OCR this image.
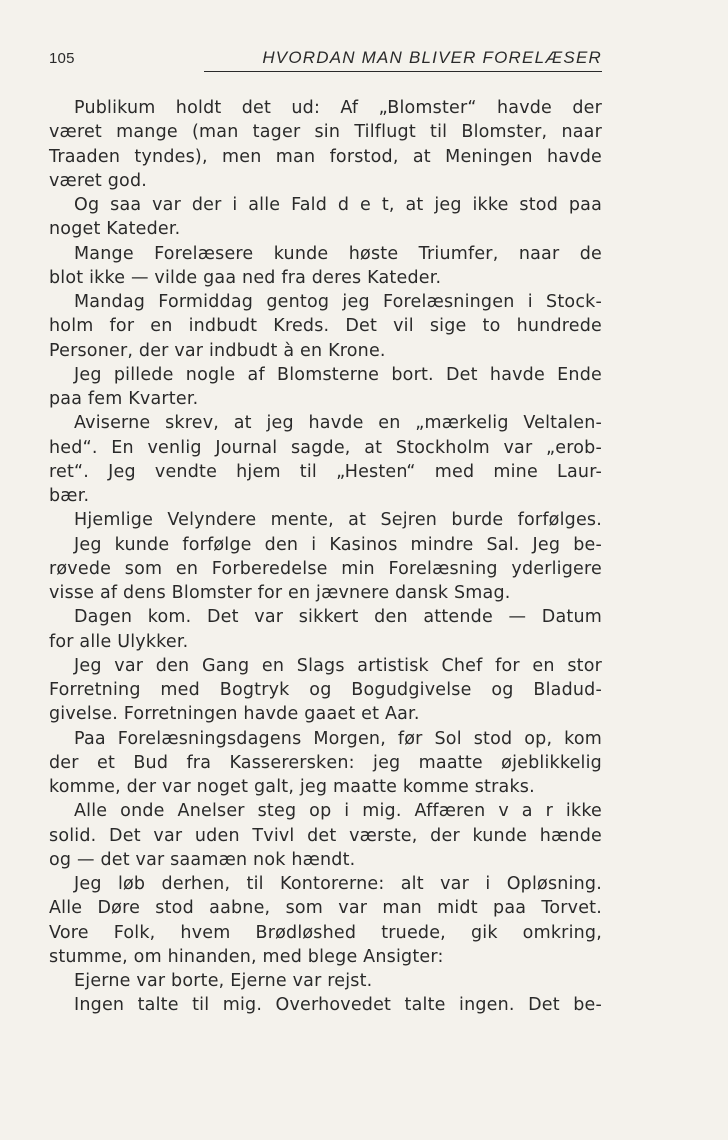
105	HVORDAN MAN BLIVER FORELÆSER
Publikum holdt det ud: Af „Blomster“ havde der
været mange (man tager sin Tilflugt til Blomster, naar
Traaden tyndes), men man forstod, at Meningen havde
været god.
Og saa var der i alle Fald d e t, at jeg ikke stod paa
noget Kateder.
Mange Forelæsere kunde høste Triumfer, naar de
blot ikke — vilde gaa ned fra deres Kateder.
Mandag Formiddag gentog jeg Forelæsningen i Stock-
holm for en indbudt Kreds. Det vil sige to hundrede
Personer, der var indbudt à en Krone.
Jeg pillede nogle af Blomsterne bort. Det havde Ende
paa fem Kvarter.
Aviserne skrev, at jeg havde en „mærkelig Veltalen-
hed“. En venlig Journal sagde, at Stockholm var „erob-
ret“. Jeg vendte hjem til „Hesten“ med mine Laur-
bær.
Hjemlige Velyndere mente, at Sejren burde forfølges.
Jeg kunde forfølge den i Kasinos mindre Sal. Jeg be-
røvede som en Forberedelse min Forelæsning yderligere
visse af dens Blomster for en jævnere dansk Smag.
Dagen kom. Det var sikkert den attende — Datum
for alle Ulykker.
Jeg var den Gang en Slags artistisk Chef for en stor
Forretning med Bogtryk og Bogudgivelse og Bladud-
givelse. Forretningen havde gaaet et Aar.
Paa Forelæsningsdagens Morgen, før Sol stod op, kom
der et Bud fra Kassererskеn: jeg maatte øjeblikkelig
komme, der var noget galt, jeg maatte komme straks.
Alle onde Anelser steg op i mig. Affæren v a r ikke
solid. Det var uden Tvivl det værste, der kunde hænde
og — det var saamæn nok hændt.
Jeg løb derhen, til Kontorerne: alt var i Opløsning.
Alle Døre stod aabne, som var man midt paa Torvet.
Vore Folk, hvem Brødløshed truede, gik omkring,
stumme, om hinanden, med blege Ansigter:
Ejerne var borte, Ejerne var rejst.
Ingen talte til mig. Overhovedet talte ingen. Det be-
